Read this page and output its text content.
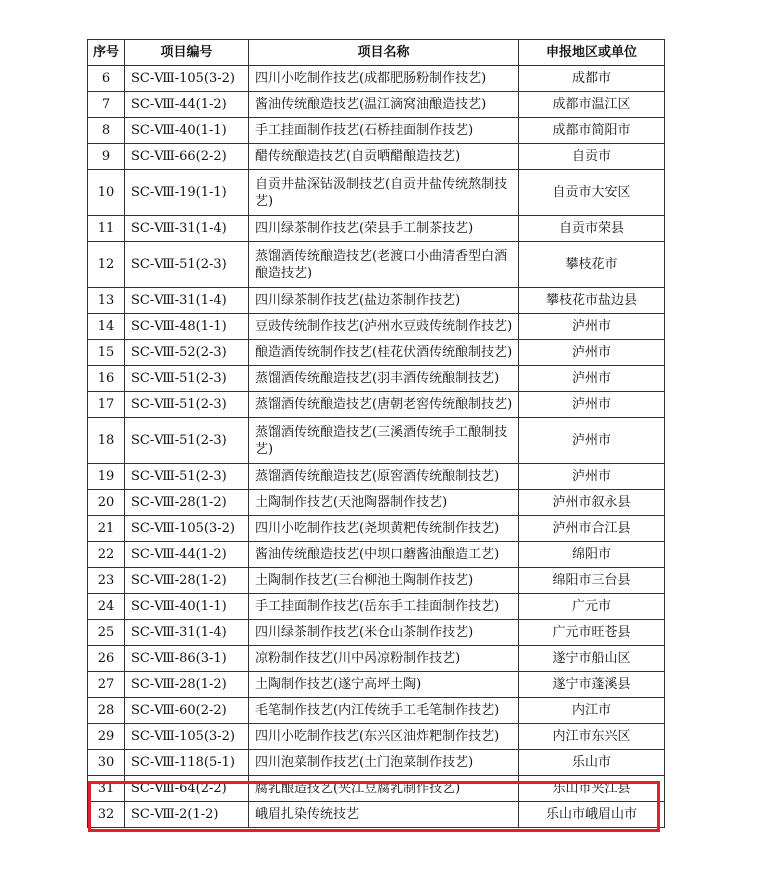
序号	项目编号	项目名称	申报地区或单位
6	SC-Ⅷ-105(3-2)	四川小吃制作技艺(成都肥肠粉制作技艺)	成都市
7	SC-Ⅷ-44(1-2)	酱油传统酿造技艺(温江滴窝油酿造技艺)	成都市温江区
8	SC-Ⅷ-40(1-1)	手工挂面制作技艺(石桥挂面制作技艺)	成都市简阳市
9	SC-Ⅷ-66(2-2)	醋传统酿造技艺(自贡晒醋酿造技艺)	自贡市
10	SC-Ⅷ-19(1-1)	自贡井盐深钻汲制技艺(自贡井盐传统熬制技艺)	自贡市大安区
11	SC-Ⅷ-31(1-4)	四川绿茶制作技艺(荣县手工制茶技艺)	自贡市荣县
12	SC-Ⅷ-51(2-3)	蒸馏酒传统酿造技艺(老渡口小曲清香型白酒酿造技艺)	攀枝花市
13	SC-Ⅷ-31(1-4)	四川绿茶制作技艺(盐边茶制作技艺)	攀枝花市盐边县
14	SC-Ⅷ-48(1-1)	豆豉传统制作技艺(泸州水豆豉传统制作技艺)	泸州市
15	SC-Ⅷ-52(2-3)	酿造酒传统制作技艺(桂花伏酒传统酿制技艺)	泸州市
16	SC-Ⅷ-51(2-3)	蒸馏酒传统酿造技艺(羽丰酒传统酿制技艺)	泸州市
17	SC-Ⅷ-51(2-3)	蒸馏酒传统酿造技艺(唐朝老窖传统酿制技艺)	泸州市
18	SC-Ⅷ-51(2-3)	蒸馏酒传统酿造技艺(三溪酒传统手工酿制技艺)	泸州市
19	SC-Ⅷ-51(2-3)	蒸馏酒传统酿造技艺(原窖酒传统酿制技艺)	泸州市
20	SC-Ⅷ-28(1-2)	土陶制作技艺(天池陶器制作技艺)	泸州市叙永县
21	SC-Ⅷ-105(3-2)	四川小吃制作技艺(尧坝黄粑传统制作技艺)	泸州市合江县
22	SC-Ⅷ-44(1-2)	酱油传统酿造技艺(中坝口蘑酱油酿造工艺)	绵阳市
23	SC-Ⅷ-28(1-2)	土陶制作技艺(三台柳池土陶制作技艺)	绵阳市三台县
24	SC-Ⅷ-40(1-1)	手工挂面制作技艺(岳东手工挂面制作技艺)	广元市
25	SC-Ⅷ-31(1-4)	四川绿茶制作技艺(米仓山茶制作技艺)	广元市旺苍县
26	SC-Ⅷ-86(3-1)	凉粉制作技艺(川中呙凉粉制作技艺)	遂宁市船山区
27	SC-Ⅷ-28(1-2)	土陶制作技艺(遂宁高坪土陶)	遂宁市蓬溪县
28	SC-Ⅷ-60(2-2)	毛笔制作技艺(内江传统手工毛笔制作技艺)	内江市
29	SC-Ⅷ-105(3-2)	四川小吃制作技艺(东兴区油炸粑制作技艺)	内江市东兴区
30	SC-Ⅷ-118(5-1)	四川泡菜制作技艺(土门泡菜制作技艺)	乐山市
31	SC-Ⅷ-64(2-2)	腐乳酿造技艺(夹江豆腐乳制作技艺)	乐山市夹江县
32	SC-Ⅷ-2(1-2)	峨眉扎染传统技艺	乐山市峨眉山市
